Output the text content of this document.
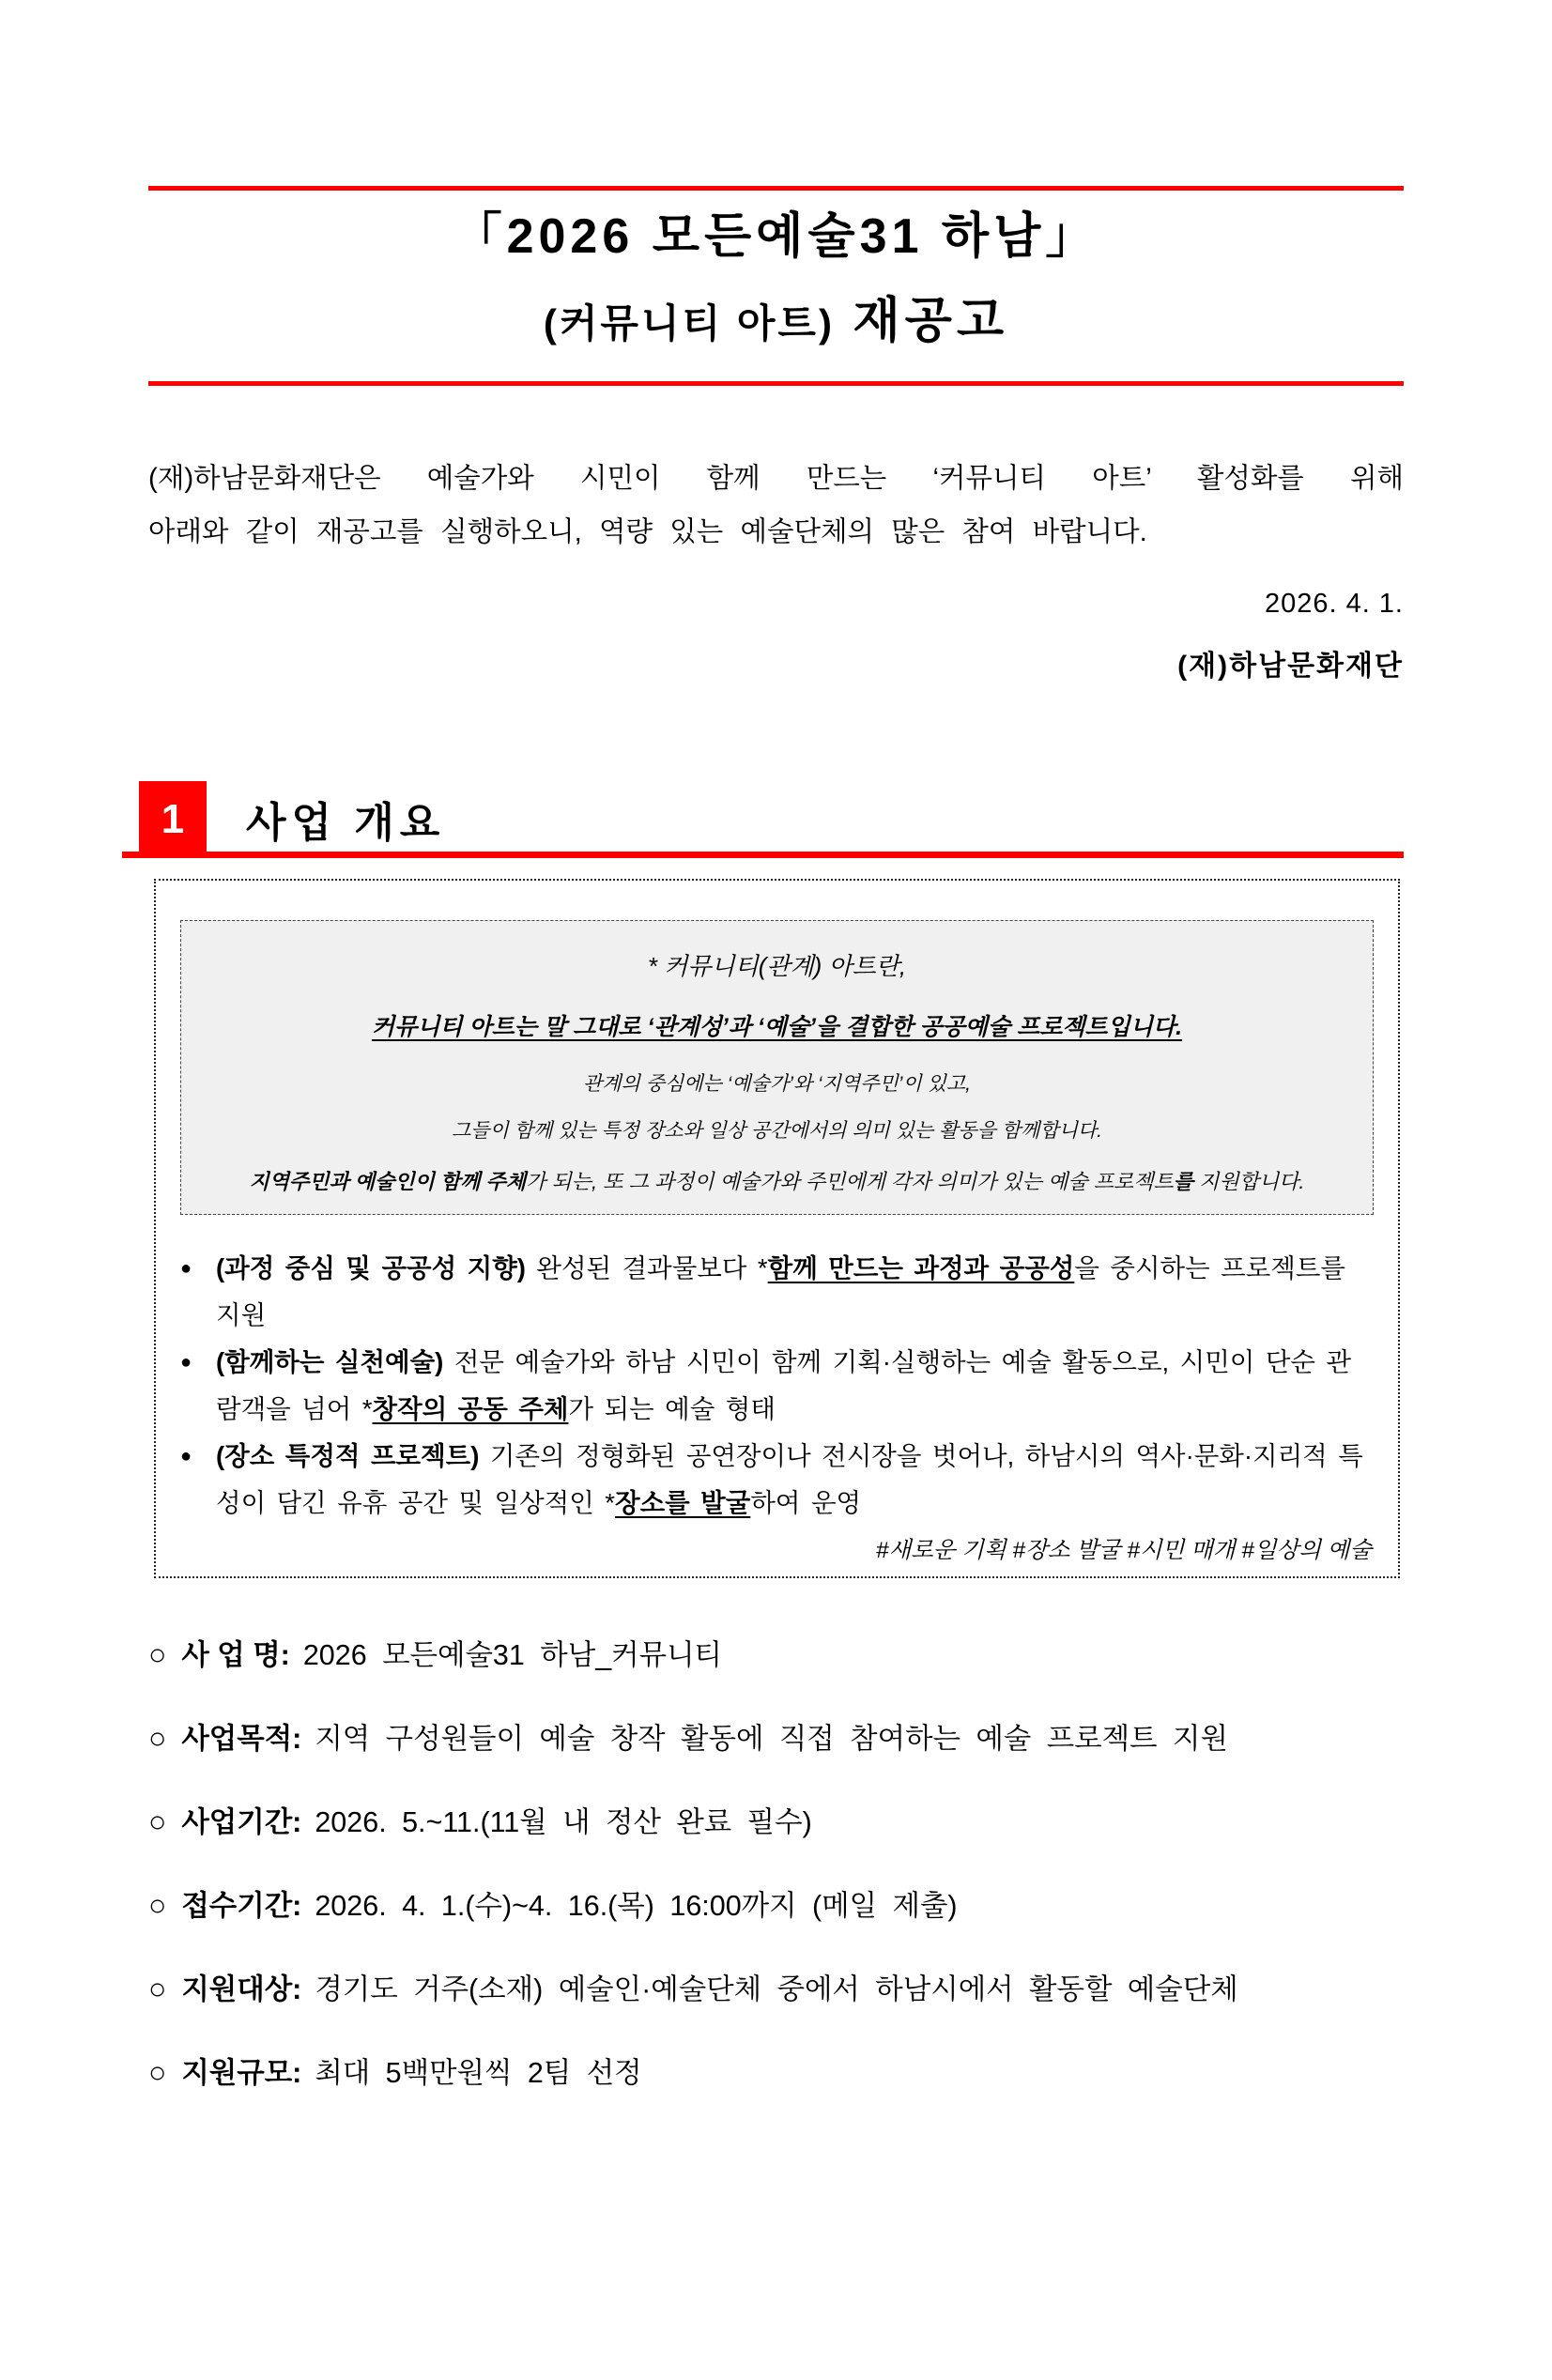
「2026 모든예술31 하남」
(커뮤니티 아트) 재공고
(재)하남문화재단은 예술가와 시민이 함께 만드는 ‘커뮤니티 아트’ 활성화를 위해
아래와 같이 재공고를 실행하오니, 역량 있는 예술단체의 많은 참여 바랍니다.
2026. 4. 1.
(재)하남문화재단
1	사업 개요
* 커뮤니티(관계) 아트란,
커뮤니티 아트는 말 그대로 ‘관계성’과 ‘예술’을 결합한 공공예술 프로젝트입니다.
관계의 중심에는 ‘예술가’와 ‘지역주민’이 있고,
그들이 함께 있는 특정 장소와 일상 공간에서의 의미 있는 활동을 함께합니다.
지역주민과 예술인이 함께 주체가 되는, 또 그 과정이 예술가와 주민에게 각자 의미가 있는 예술 프로젝트를 지원합니다.
● (과정 중심 및 공공성 지향) 완성된 결과물보다 *함께 만드는 과정과 공공성을 중시하는 프로젝트를 지원
● (함께하는 실천예술) 전문 예술가와 하남 시민이 함께 기획·실행하는 예술 활동으로, 시민이 단순 관람객을 넘어 *창작의 공동 주체가 되는 예술 형태
● (장소 특정적 프로젝트) 기존의 정형화된 공연장이나 전시장을 벗어나, 하남시의 역사·문화·지리적 특성이 담긴 유휴 공간 및 일상적인 *장소를 발굴하여 운영
#새로운 기획 #장소 발굴 #시민 매개 #일상의 예술
○ 사 업 명: 2026 모든예술31 하남_커뮤니티
○ 사업목적: 지역 구성원들이 예술 창작 활동에 직접 참여하는 예술 프로젝트 지원
○ 사업기간: 2026. 5.~11.(11월 내 정산 완료 필수)
○ 접수기간: 2026. 4. 1.(수)~4. 16.(목) 16:00까지 (메일 제출)
○ 지원대상: 경기도 거주(소재) 예술인·예술단체 중에서 하남시에서 활동할 예술단체
○ 지원규모: 최대 5백만원씩 2팀 선정
